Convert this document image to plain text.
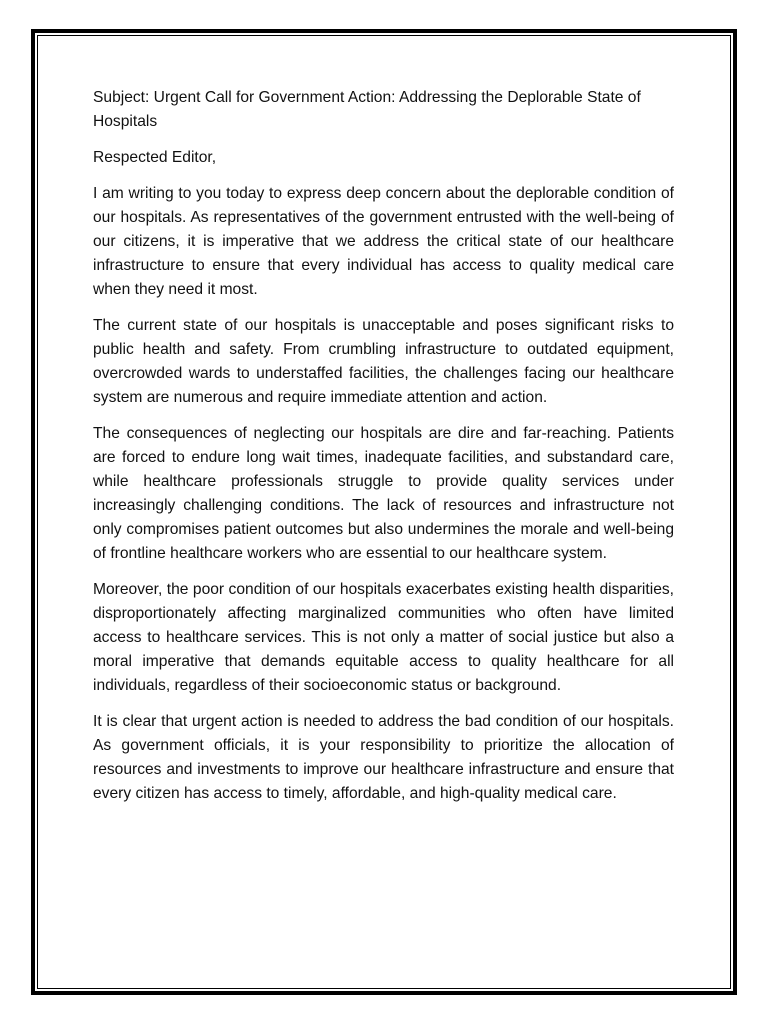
Subject: Urgent Call for Government Action: Addressing the Deplorable State of Hospitals

Respected Editor,

I am writing to you today to express deep concern about the deplorable condition of our hospitals. As representatives of the government entrusted with the well-being of our citizens, it is imperative that we address the critical state of our healthcare infrastructure to ensure that every individual has access to quality medical care when they need it most.

The current state of our hospitals is unacceptable and poses significant risks to public health and safety. From crumbling infrastructure to outdated equipment, overcrowded wards to understaffed facilities, the challenges facing our healthcare system are numerous and require immediate attention and action.

The consequences of neglecting our hospitals are dire and far-reaching. Patients are forced to endure long wait times, inadequate facilities, and substandard care, while healthcare professionals struggle to provide quality services under increasingly challenging conditions. The lack of resources and infrastructure not only compromises patient outcomes but also undermines the morale and well-being of frontline healthcare workers who are essential to our healthcare system.

Moreover, the poor condition of our hospitals exacerbates existing health disparities, disproportionately affecting marginalized communities who often have limited access to healthcare services. This is not only a matter of social justice but also a moral imperative that demands equitable access to quality healthcare for all individuals, regardless of their socioeconomic status or background.

It is clear that urgent action is needed to address the bad condition of our hospitals. As government officials, it is your responsibility to prioritize the allocation of resources and investments to improve our healthcare infrastructure and ensure that every citizen has access to timely, affordable, and high-quality medical care.
